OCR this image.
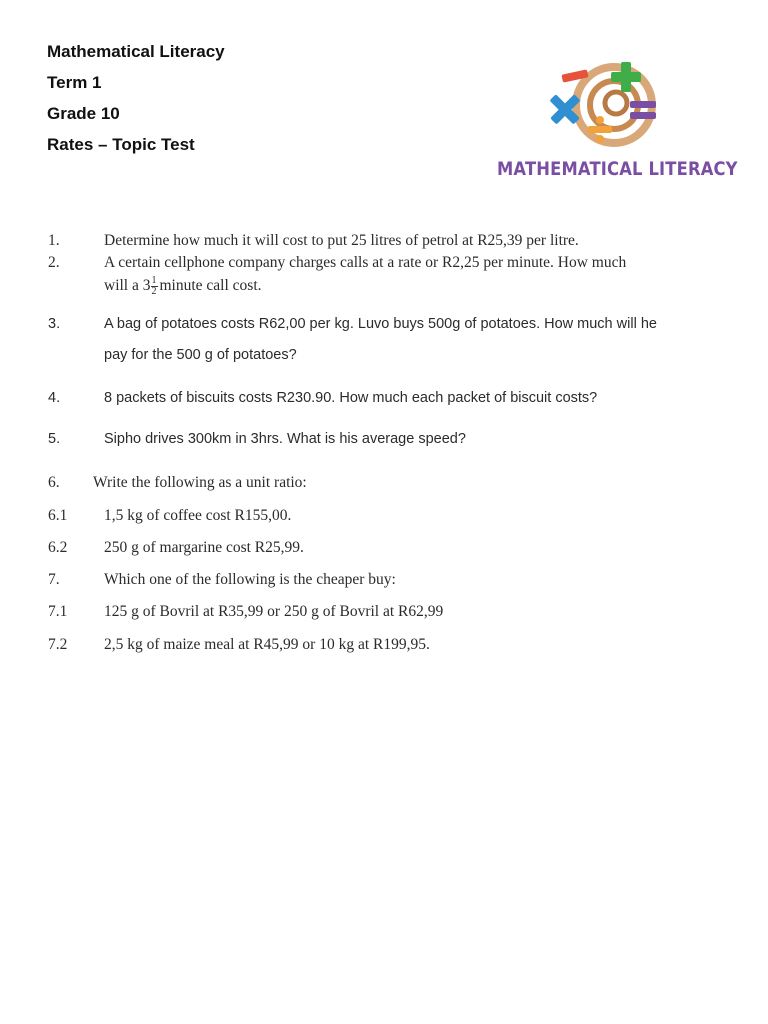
Mathematical Literacy
Term 1
Grade 10
Rates – Topic Test
MATHEMATICAL LITERACY
1.	Determine how much it will cost to put 25 litres of petrol at R25,39 per litre.
2.	A certain cellphone company charges calls at a rate or R2,25 per minute. How much
will a $3 \frac{1}{2}$ minute call cost.
3.	A bag of potatoes costs R62,00 per kg. Luvo buys 500g of potatoes. How much will he
pay for the 500 g of potatoes?
4.	8 packets of biscuits costs R230.90. How much each packet of biscuit costs?
5.	Sipho drives 300km in 3hrs. What is his average speed?
6. Write the following as a unit ratio:
6.1 1,5 kg of coffee cost R155,00.
6.2 250 g of margarine cost R25,99.
7.	Which one of the following is the cheaper buy:
7.1 125 g of Bovril at R35,99 or 250 g of Bovril at R62,99
7.2 2,5 kg of maize meal at R45,99 or 10 kg at R199,95.
